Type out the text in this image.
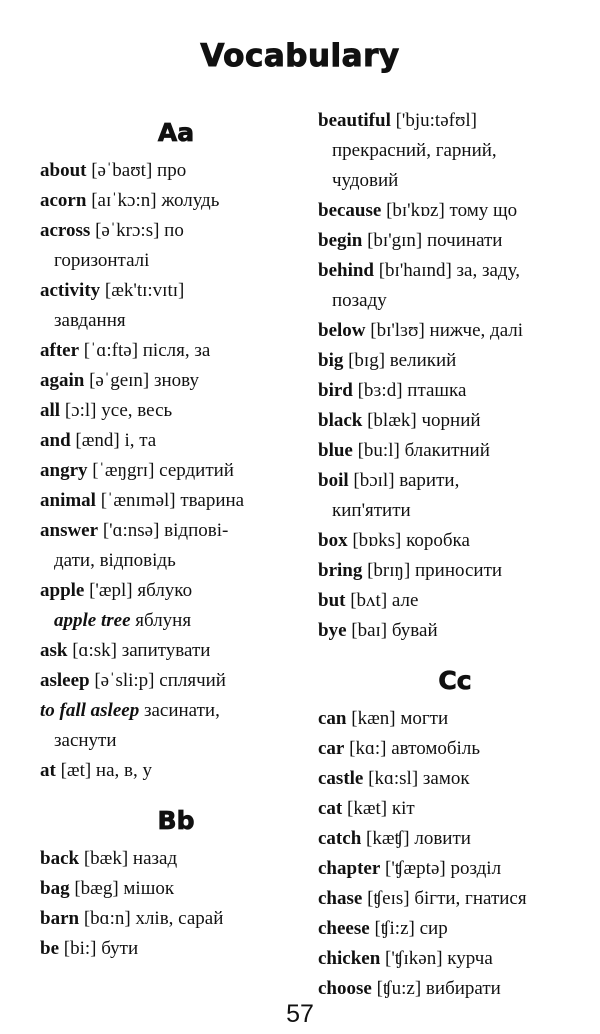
Vocabulary
Aa
about [əˈbaʊt] про
acorn [aɪˈkɔ:n] жолудь
across [əˈkrɔ:s] по
горизонталі
activity [æk'tɪ:vɪtɪ]
завдання
after [ˈɑ:ftə] після, за
again [əˈgeɪn] знову
all [ɔ:l] усе, весь
and [ænd] і, та
angry [ˈæŋgrɪ] сердитий
animal [ˈænɪməl] тварина
answer ['ɑ:nsə] відпові-
дати, відповідь
apple ['æpl] яблуко
apple tree яблуня
ask [ɑ:sk] запитувати
asleep [əˈsli:p] сплячий
to fall asleep засинати,
заснути
at [æt] на, в, у
Bb
back [bæk] назад
bag [bæg] мішок
barn [bɑ:n] хлів, сарай
be [bi:] бути
beautiful ['bju:təfʊl]
прекрасний, гарний,
чудовий
because [bɪ'kɒz] тому що
begin [bɪ'gɪn] починати
behind [bɪ'haɪnd] за, заду,
позаду
below [bɪ'lɜʊ] нижче, далі
big [bɪg] великий
bird [bɜ:d] пташка
black [blæk] чорний
blue [bu:l] блакитний
boil [bɔɪl] варити,
кип'ятити
box [bɒks] коробка
bring [brɪŋ] приносити
but [bʌt] але
bye [baɪ] бувай
Cc
can [kæn] могти
car [kɑ:] автомобіль
castle [kɑ:sl] замок
cat [kæt] кіт
catch [kæʧ] ловити
chapter ['ʧæptə] розділ
chase [ʧeɪs] бігти, гнатися
cheese [ʧi:z] сир
chicken ['ʧɪkən] курча
choose [ʧu:z] вибирати
57
